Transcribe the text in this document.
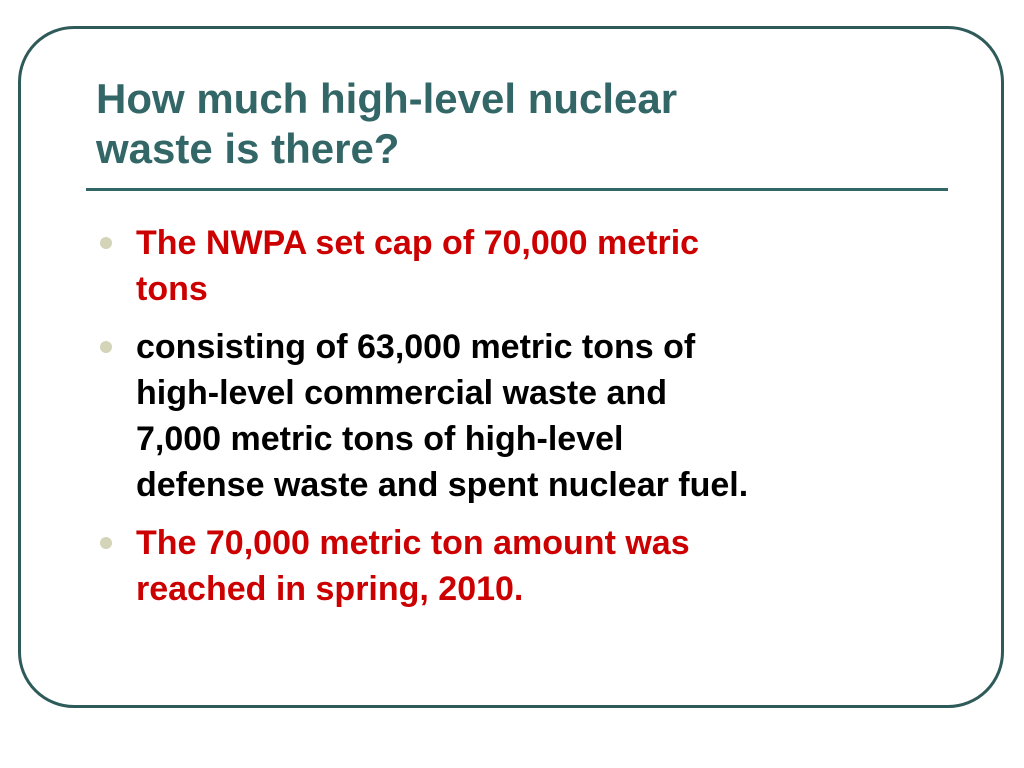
How much high-level nuclear
waste is there?
The NWPA set cap of 70,000 metric
tons
consisting of 63,000 metric tons of
high-level commercial waste and
7,000 metric tons of high-level
defense waste and spent nuclear fuel.
The 70,000 metric ton amount was
reached in spring, 2010.
